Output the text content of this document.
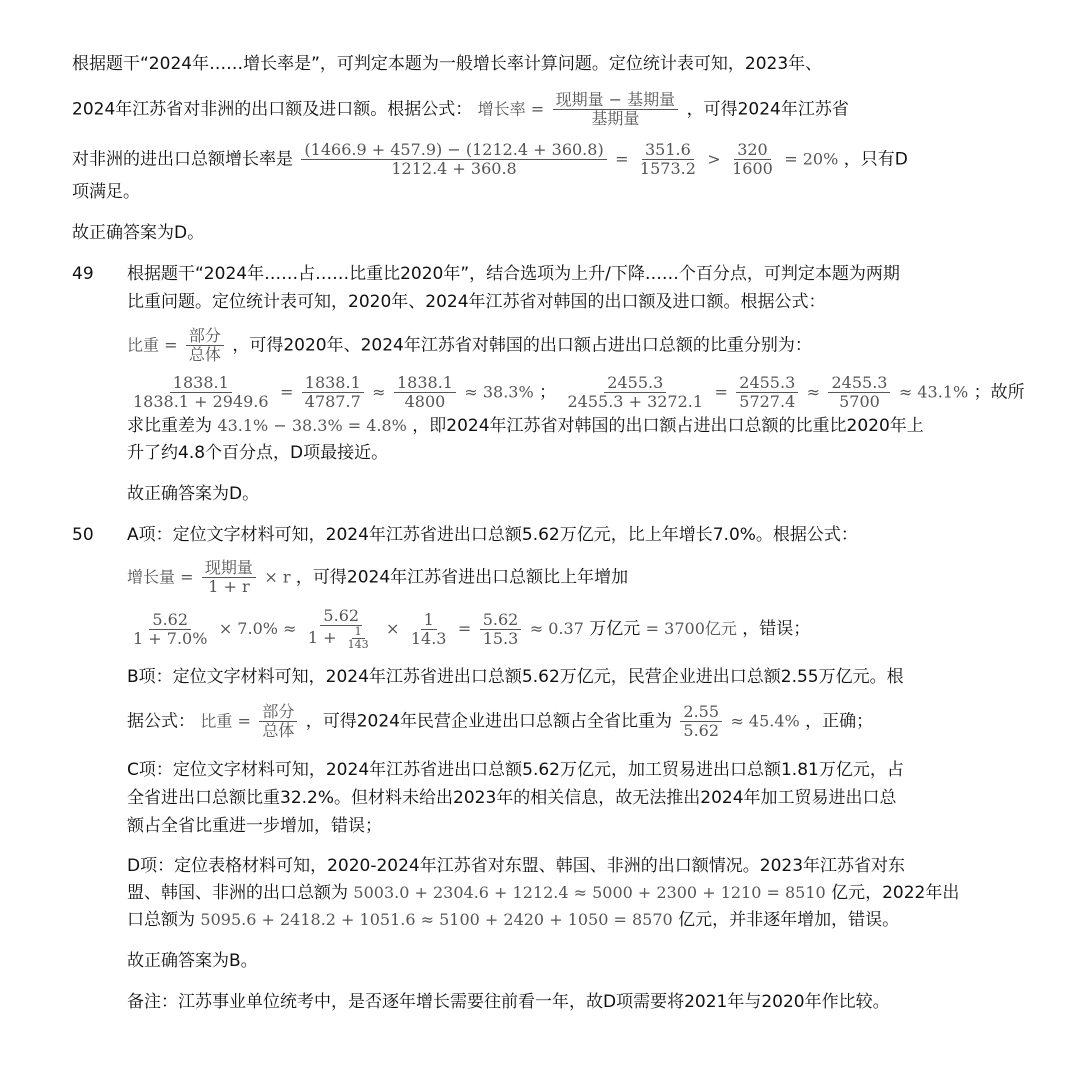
根据题干“2024年……增长率是”，可判定本题为一般增长率计算问题。定位统计表可知，2023年、
2024年江苏省对非洲的出口额及进口额。根据公式： 增长率 = $\frac{\text{现期量 − 基期量}}{\text{基期量}}$ ，可得2024年江苏省
对非洲的进出口总额增长率是 $\frac{(1466.9 + 457.9) - (1212.4 + 360.8)}{1212.4 + 360.8} = \frac{351.6}{1573.2} > \frac{320}{1600} = 20\%$ ，只有D
项满足。
故正确答案为D。
49 根据题干“2024年……占……比重比2020年”，结合选项为上升/下降……个百分点，可判定本题为两期
比重问题。定位统计表可知，2020年、2024年江苏省对韩国的出口额及进口额。根据公式：
比重 = $\frac{\text{部分}}{\text{总体}}$ ，可得2020年、2024年江苏省对韩国的出口额占进出口总额的比重分别为：
$\frac{1838.1}{1838.1 + 2949.6} = \frac{1838.1}{4787.7} \approx \frac{1838.1}{4800} \approx 38.3\%$ ； $\frac{2455.3}{2455.3 + 3272.1} = \frac{2455.3}{5727.4} \approx \frac{2455.3}{5700} \approx 43.1\%$ ；故所
求比重差为 43.1% − 38.3% = 4.8% ，即2024年江苏省对韩国的出口额占进出口总额的比重比2020年上
升了约4.8个百分点，D项最接近。
故正确答案为D。
50 A项：定位文字材料可知，2024年江苏省进出口总额5.62万亿元，比上年增长7.0%。根据公式：
增长量 = $\frac{\text{现期量}}{1 + r} \times r$ ，可得2024年江苏省进出口总额比上年增加
$\frac{5.62}{1 + 7.0\%} \times 7.0\% \approx \frac{5.62}{1 + \frac{1}{143}} \times \frac{1}{14.3} = \frac{5.62}{15.3} \approx 0.37$ 万亿元 = 3700亿元 ，错误；
B项：定位文字材料可知，2024年江苏省进出口总额5.62万亿元，民营企业进出口总额2.55万亿元。根
据公式： 比重 = $\frac{\text{部分}}{\text{总体}}$ ，可得2024年民营企业进出口总额占全省比重为 $\frac{2.55}{5.62} \approx 45.4\%$ ，正确；
C项：定位文字材料可知，2024年江苏省进出口总额5.62万亿元，加工贸易进出口总额1.81万亿元，占
全省进出口总额比重32.2%。但材料未给出2023年的相关信息，故无法推出2024年加工贸易进出口总
额占全省比重进一步增加，错误；
D项：定位表格材料可知，2020-2024年江苏省对东盟、韩国、非洲的出口额情况。2023年江苏省对东
盟、韩国、非洲的出口总额为 5003.0 + 2304.6 + 1212.4 ≈ 5000 + 2300 + 1210 = 8510 亿元，2022年出
口总额为 5095.6 + 2418.2 + 1051.6 ≈ 5100 + 2420 + 1050 = 8570 亿元，并非逐年增加，错误。
故正确答案为B。
备注：江苏事业单位统考中，是否逐年增长需要往前看一年，故D项需要将2021年与2020年作比较。
